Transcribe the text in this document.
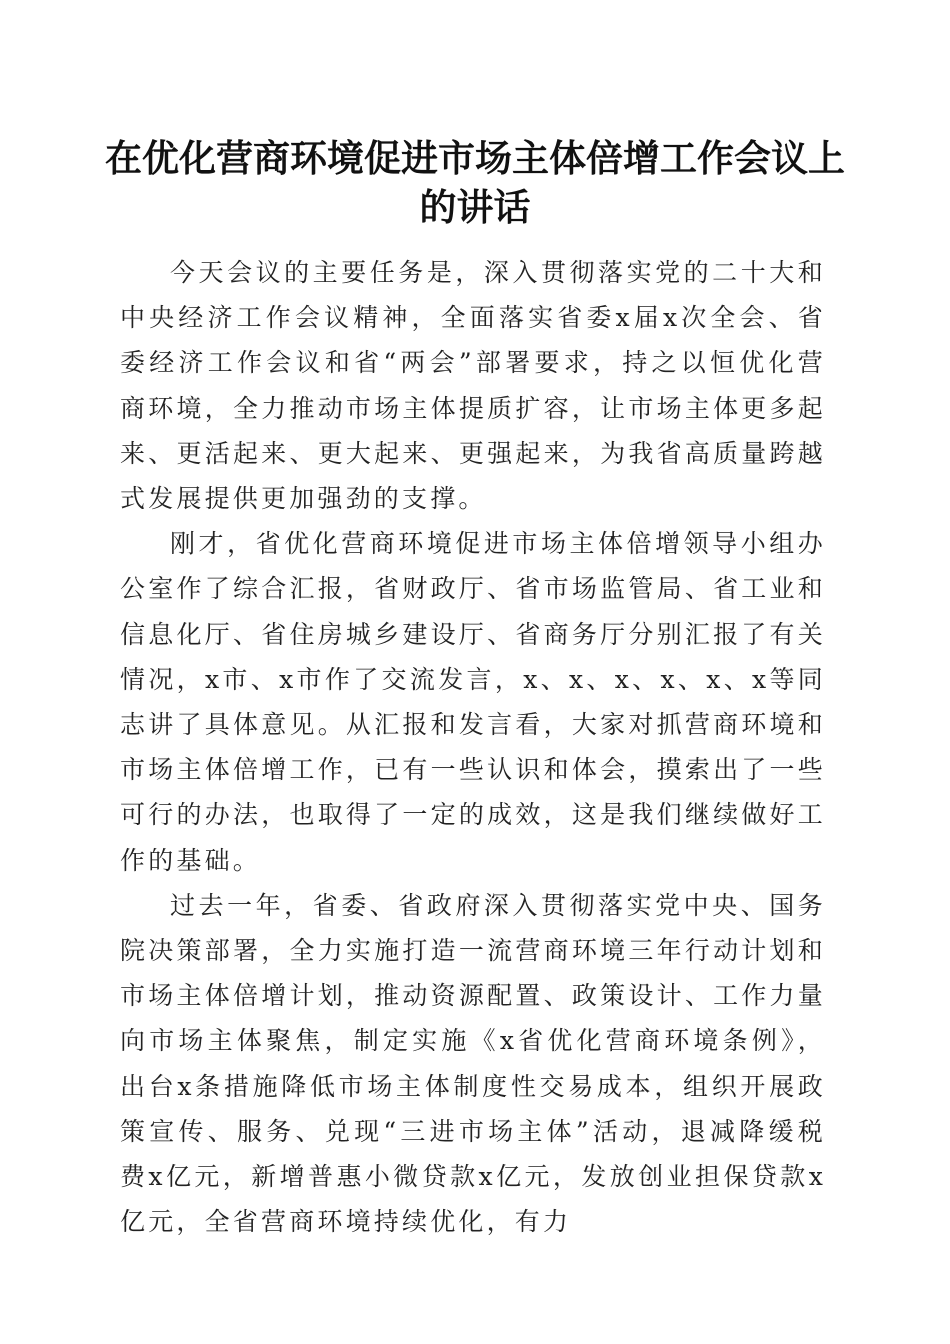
在优化营商环境促进市场主体倍增工作会议上
的讲话

今天会议的主要任务是，深入贯彻落实党的二十大和中央经济工作会议精神，全面落实省委x届x次全会、省委经济工作会议和省“两会”部署要求，持之以恒优化营商环境，全力推动市场主体提质扩容，让市场主体更多起来、更活起来、更大起来、更强起来，为我省高质量跨越式发展提供更加强劲的支撑。

刚才，省优化营商环境促进市场主体倍增领导小组办公室作了综合汇报，省财政厅、省市场监管局、省工业和信息化厅、省住房城乡建设厅、省商务厅分别汇报了有关情况，x市、x市作了交流发言，x、x、x、x、x、x等同志讲了具体意见。从汇报和发言看，大家对抓营商环境和市场主体倍增工作，已有一些认识和体会，摸索出了一些可行的办法，也取得了一定的成效，这是我们继续做好工作的基础。

过去一年，省委、省政府深入贯彻落实党中央、国务院决策部署，全力实施打造一流营商环境三年行动计划和市场主体倍增计划，推动资源配置、政策设计、工作力量向市场主体聚焦，制定实施《x省优化营商环境条例》，出台x条措施降低市场主体制度性交易成本，组织开展政策宣传、服务、兑现“三进市场主体”活动，退减降缓税费x亿元，新增普惠小微贷款x亿元，发放创业担保贷款x亿元，全省营商环境持续优化，有力
